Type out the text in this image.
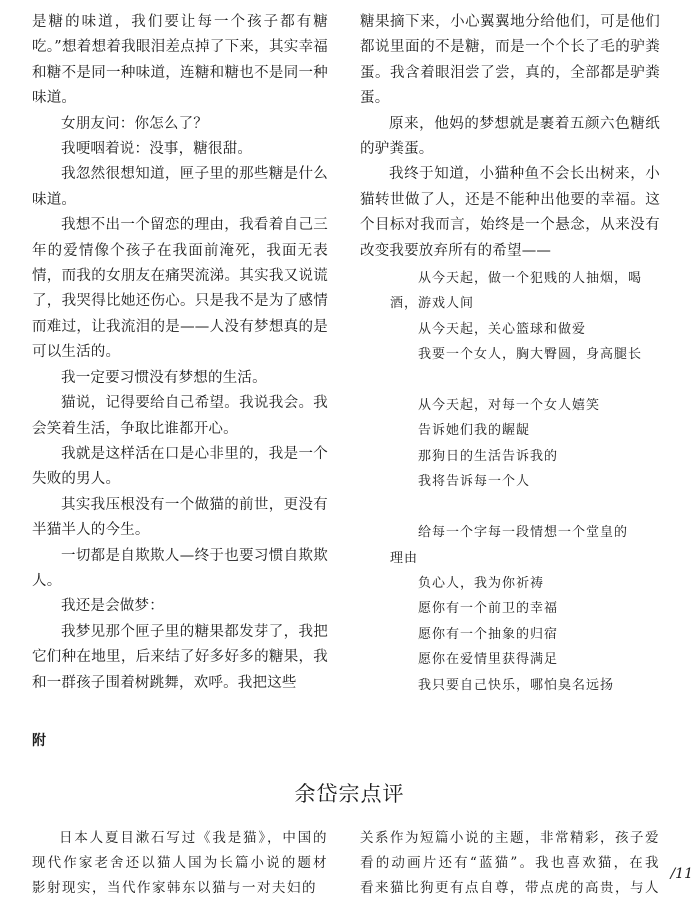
是糖的味道，我们要让每一个孩子都有糖吃。”想着想着我眼泪差点掉了下来，其实幸福和糖不是同一种味道，连糖和糖也不是同一种味道。

女朋友问：你怎么了？

我哽咽着说：没事，糖很甜。

我忽然很想知道，匣子里的那些糖是什么味道。

我想不出一个留恋的理由，我看着自己三年的爱情像个孩子在我面前淹死，我面无表情，而我的女朋友在痛哭流涕。其实我又说谎了，我哭得比她还伤心。只是我不是为了感情而难过，让我流泪的是——人没有梦想真的是可以生活的。

我一定要习惯没有梦想的生活。

猫说，记得要给自己希望。我说我会。我会笑着生活，争取比谁都开心。

我就是这样活在口是心非里的，我是一个失败的男人。

其实我压根没有一个做猫的前世，更没有半猫半人的今生。

一切都是自欺欺人—终于也要习惯自欺欺人。

我还是会做梦：

我梦见那个匣子里的糖果都发芽了，我把它们种在地里，后来结了好多好多的糖果，我和一群孩子围着树跳舞，欢呼。我把这些

糖果摘下来，小心翼翼地分给他们，可是他们都说里面的不是糖，而是一个个长了毛的驴粪蛋。我含着眼泪尝了尝，真的，全部都是驴粪蛋。

原来，他妈的梦想就是裹着五颜六色糖纸的驴粪蛋。

我终于知道，小猫种鱼不会长出树来，小猫转世做了人，还是不能种出他要的幸福。这个目标对我而言，始终是一个悬念，从来没有改变我要放弃所有的希望——

从今天起，做一个犯贱的人抽烟，喝

酒，游戏人间

从今天起，关心篮球和做爱

我要一个女人，胸大臀圆，身高腿长

从今天起，对每一个女人嬉笑

告诉她们我的龌龊

那狗日的生活告诉我的

我将告诉每一个人

给每一个字每一段情想一个堂皇的

理由

负心人，我为你祈祷

愿你有一个前卫的幸福

愿你有一个抽象的归宿

愿你在爱情里获得满足

我只要自己快乐，哪怕臭名远扬

附
余岱宗点评

日本人夏目漱石写过《我是猫》，中国的现代作家老舍还以猫人国为长篇小说的题材影射现实，当代作家韩东以猫与一对夫妇的

关系作为短篇小说的主题，非常精彩，孩子爱看的动画片还有“蓝猫”。我也喜欢猫，在我看来猫比狗更有点自尊，带点虎的高贵，与人

/11
